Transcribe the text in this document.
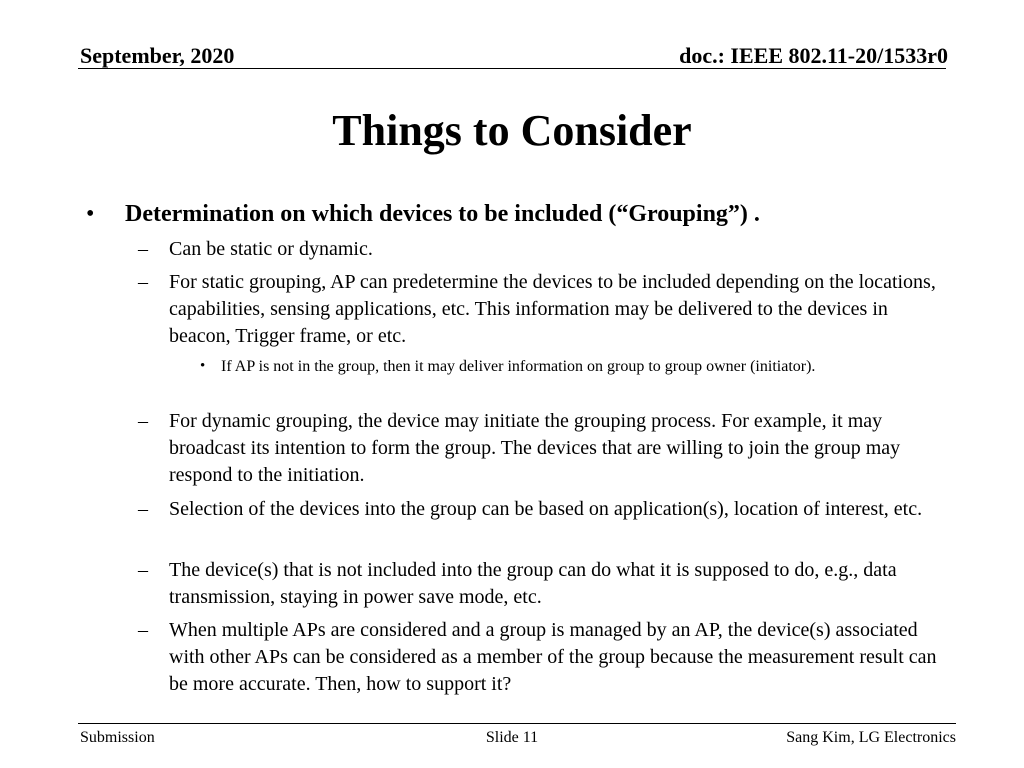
September, 2020	doc.: IEEE 802.11-20/1533r0
Things to Consider
• Determination on which devices to be included (“Grouping”) .
– Can be static or dynamic.
– For static grouping, AP can predetermine the devices to be included depending on the locations, capabilities, sensing applications, etc. This information may be delivered to the devices in beacon, Trigger frame, or etc.
• If AP is not in the group, then it may deliver information on group to group owner (initiator).
– For dynamic grouping, the device may initiate the grouping process. For example, it may broadcast its intention to form the group. The devices that are willing to join the group may respond to the initiation.
– Selection of the devices into the group can be based on application(s), location of interest, etc.
– The device(s) that is not included into the group can do what it is supposed to do, e.g., data transmission, staying in power save mode, etc.
– When multiple APs are considered and a group is managed by an AP, the device(s) associated with other APs can be considered as a member of the group because the measurement result can be more accurate. Then, how to support it?
Submission	Slide 11	Sang Kim, LG Electronics
